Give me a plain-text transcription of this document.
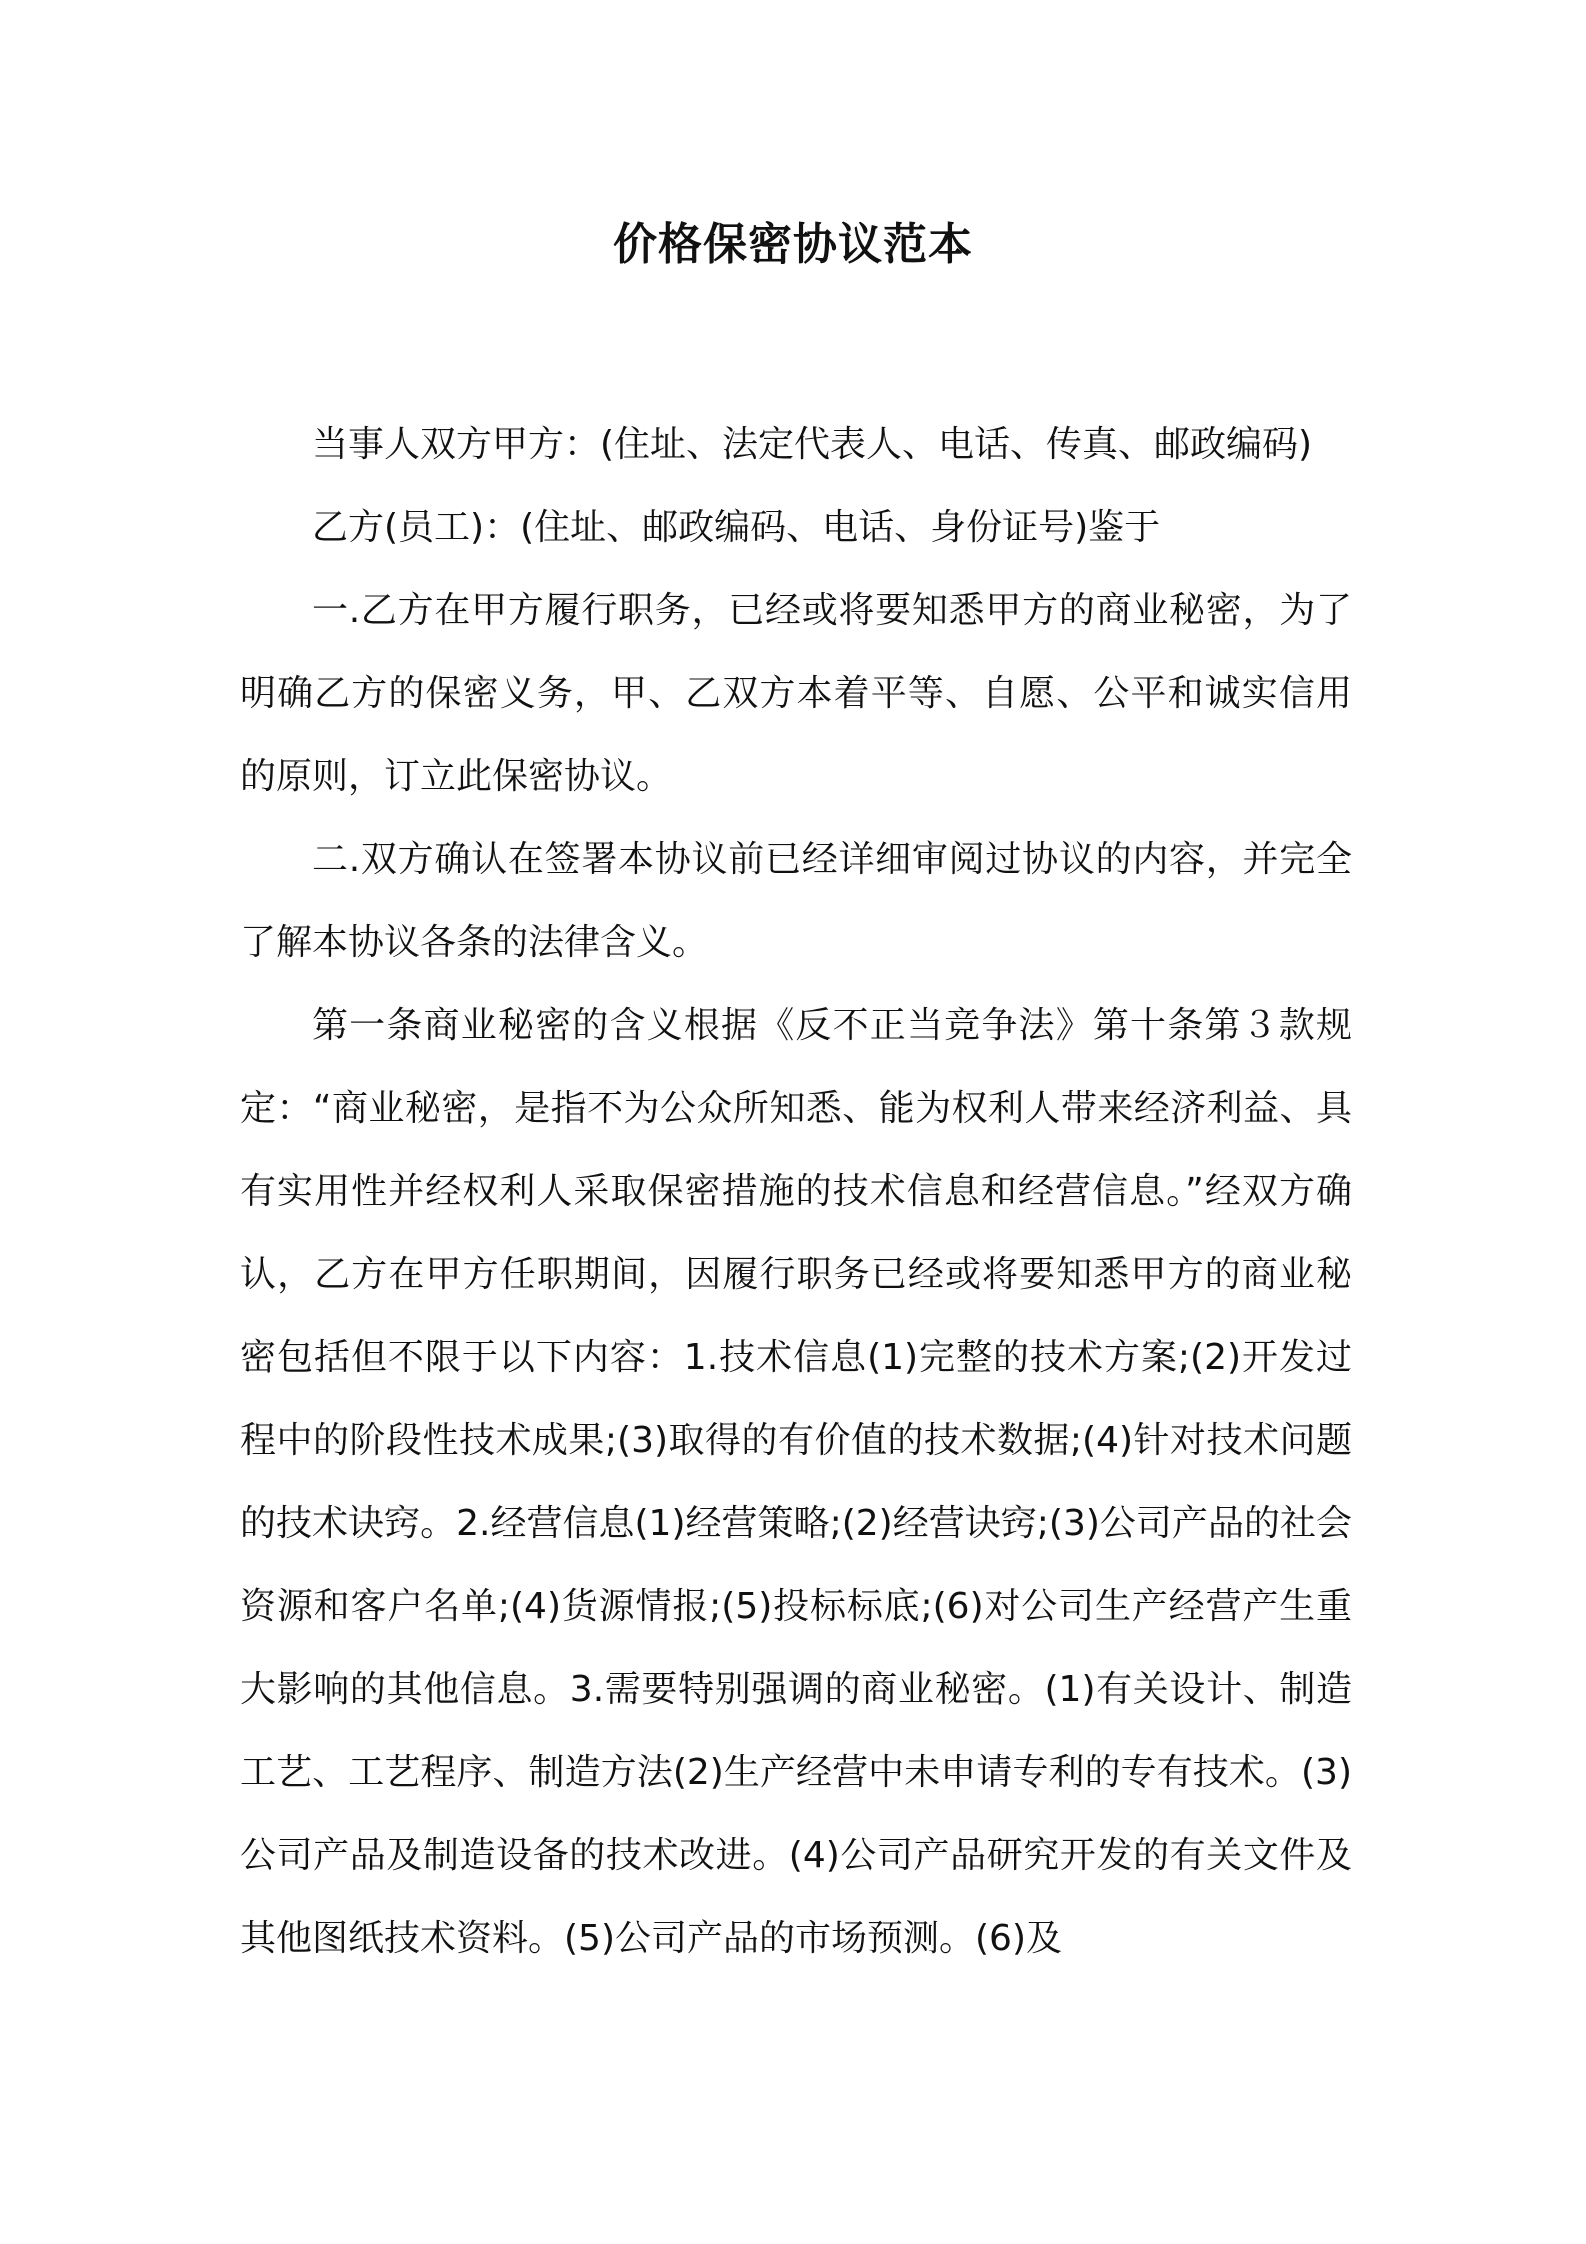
价格保密协议范本

当事人双方甲方：(住址、法定代表人、电话、传真、邮政编码)

乙方(员工)：(住址、邮政编码、电话、身份证号)鉴于

一.乙方在甲方履行职务，已经或将要知悉甲方的商业秘密，为了明确乙方的保密义务，甲、乙双方本着平等、自愿、公平和诚实信用的原则，订立此保密协议。

二.双方确认在签署本协议前已经详细审阅过协议的内容，并完全了解本协议各条的法律含义。

第一条商业秘密的含义根据《反不正当竞争法》第十条第３款规定：“商业秘密，是指不为公众所知悉、能为权利人带来经济利益、具有实用性并经权利人采取保密措施的技术信息和经营信息。”经双方确认，乙方在甲方任职期间，因履行职务已经或将要知悉甲方的商业秘密包括但不限于以下内容：1.技术信息(1)完整的技术方案;(2)开发过程中的阶段性技术成果;(3)取得的有价值的技术数据;(4)针对技术问题的技术诀窍。2.经营信息(1)经营策略;(2)经营诀窍;(3)公司产品的社会资源和客户名单;(4)货源情报;(5)投标标底;(6)对公司生产经营产生重大影响的其他信息。3.需要特别强调的商业秘密。(1)有关设计、制造工艺、工艺程序、制造方法(2)生产经营中未申请专利的专有技术。(3)公司产品及制造设备的技术改进。(4)公司产品研究开发的有关文件及其他图纸技术资料。(5)公司产品的市场预测。(6)及
